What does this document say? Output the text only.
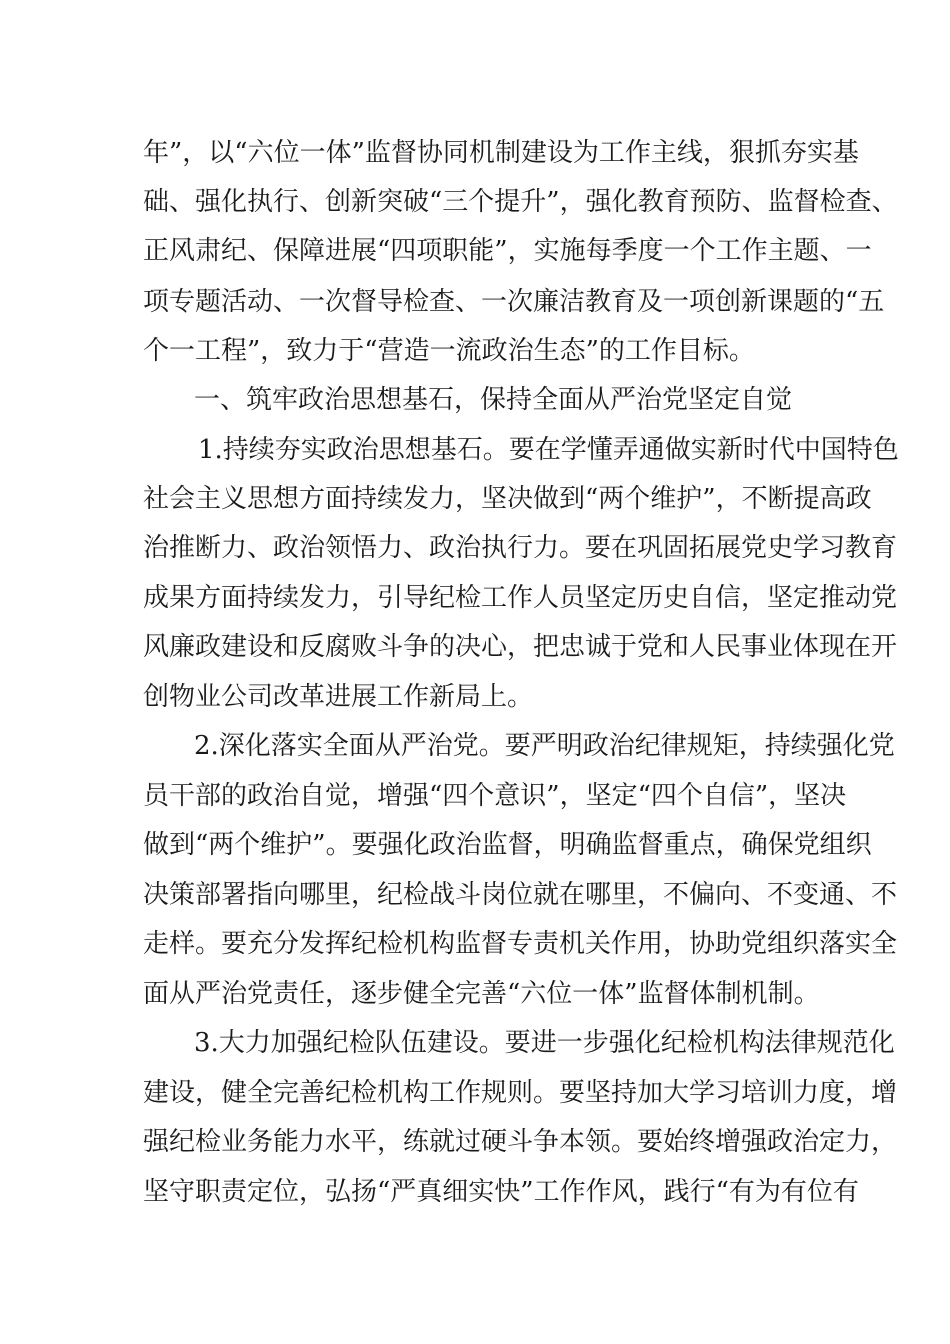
年”，以“六位一体”监督协同机制建设为工作主线，狠抓夯实基
础、强化执行、创新突破“三个提升”，强化教育预防、监督检查、
正风肃纪、保障进展“四项职能”，实施每季度一个工作主题、一
项专题活动、一次督导检查、一次廉洁教育及一项创新课题的“五
个一工程”，致力于“营造一流政治生态”的工作目标。
一、筑牢政治思想基石，保持全面从严治党坚定自觉
1.持续夯实政治思想基石。要在学懂弄通做实新时代中国特色
社会主义思想方面持续发力，坚决做到“两个维护”，不断提高政
治推断力、政治领悟力、政治执行力。要在巩固拓展党史学习教育
成果方面持续发力，引导纪检工作人员坚定历史自信，坚定推动党
风廉政建设和反腐败斗争的决心，把忠诚于党和人民事业体现在开
创物业公司改革进展工作新局上。
2.深化落实全面从严治党。要严明政治纪律规矩，持续强化党
员干部的政治自觉，增强“四个意识”，坚定“四个自信”，坚决
做到“两个维护”。要强化政治监督，明确监督重点，确保党组织
决策部署指向哪里，纪检战斗岗位就在哪里，不偏向、不变通、不
走样。要充分发挥纪检机构监督专责机关作用，协助党组织落实全
面从严治党责任，逐步健全完善“六位一体”监督体制机制。
3.大力加强纪检队伍建设。要进一步强化纪检机构法律规范化
建设，健全完善纪检机构工作规则。要坚持加大学习培训力度，增
强纪检业务能力水平，练就过硬斗争本领。要始终增强政治定力，
坚守职责定位，弘扬“严真细实快”工作作风，践行“有为有位有
